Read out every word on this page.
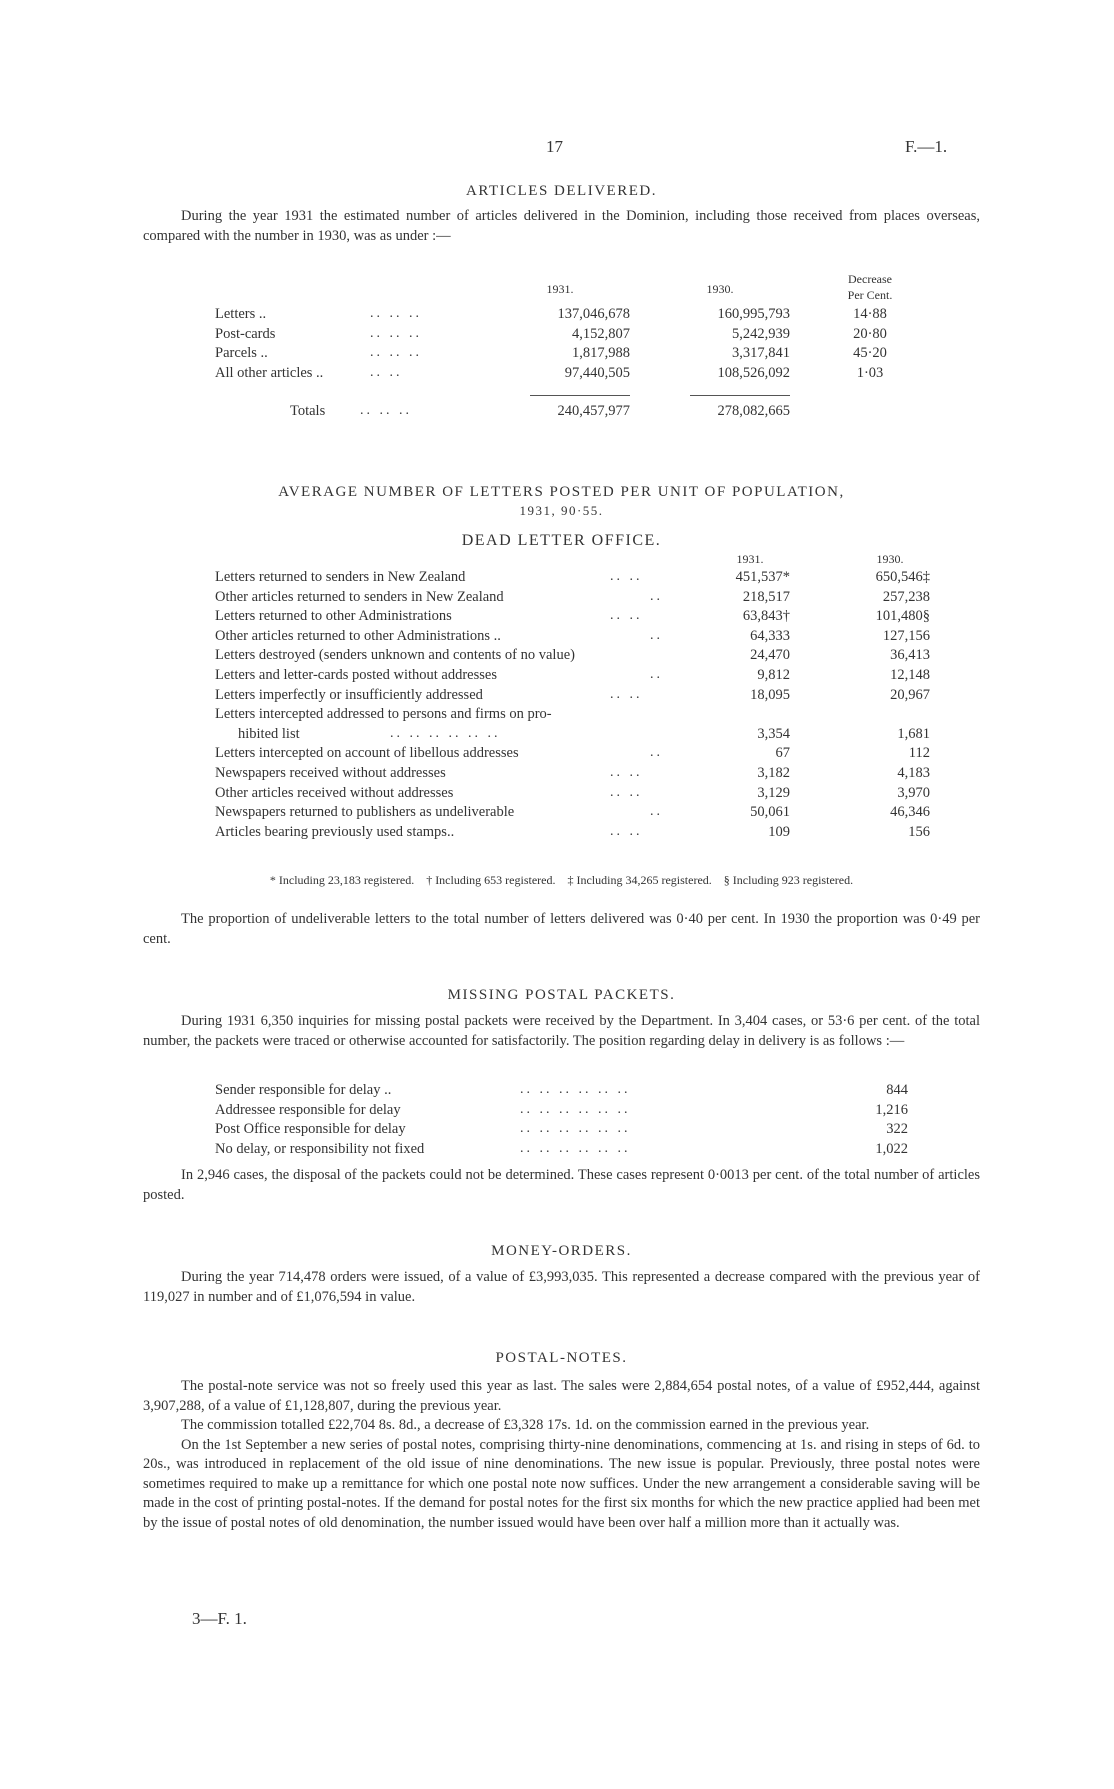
17	F.—1.
ARTICLES DELIVERED.

During the year 1931 the estimated number of articles delivered in the Dominion, including those received from places overseas, compared with the number in 1930, was as under :—

1931.	1930.
Decrease
Per Cent.
Letters ..	.. .. ..	137,046,678	160,995,793	14·88
Post-cards	.. .. ..	4,152,807	5,242,939	20·80
Parcels ..	.. .. ..	1,817,988	3,317,841	45·20
All other articles ..	.. ..	97,440,505	108,526,092	1·03
Totals .. .. ..	240,457,977	278,082,665
AVERAGE NUMBER OF LETTERS POSTED PER UNIT OF POPULATION,
1931, 90·55.
DEAD LETTER OFFICE.
1931.	1930.
Letters returned to senders in New Zealand	.. ..	451,537*	650,546‡
Other articles returned to senders in New Zealand	..	218,517	257,238
Letters returned to other Administrations	.. ..	63,843†	101,480§
Other articles returned to other Administrations ..	..	64,333	127,156
Letters destroyed (senders unknown and contents of no value)	24,470	36,413
Letters and letter-cards posted without addresses	..	9,812	12,148
Letters imperfectly or insufficiently addressed	.. ..	18,095	20,967
Letters intercepted addressed to persons and firms on pro-
hibited list	.. .. .. .. .. ..	3,354	1,681
Letters intercepted on account of libellous addresses	..	67	112
Newspapers received without addresses	.. ..	3,182	4,183
Other articles received without addresses	.. ..	3,129	3,970
Newspapers returned to publishers as undeliverable	..	50,061	46,346
Articles bearing previously used stamps..	.. ..	109	156
* Including 23,183 registered.    † Including 653 registered.    ‡ Including 34,265 registered.    § Including 923 registered.

The proportion of undeliverable letters to the total number of letters delivered was 0·40 per cent. In 1930 the proportion was 0·49 per cent.

MISSING POSTAL PACKETS.

During 1931 6,350 inquiries for missing postal packets were received by the Department. In 3,404 cases, or 53·6 per cent. of the total number, the packets were traced or otherwise accounted for satisfactorily. The position regarding delay in delivery is as follows :—

Sender responsible for delay ..	.. .. .. .. .. ..	844
Addressee responsible for delay	.. .. .. .. .. ..	1,216
Post Office responsible for delay	.. .. .. .. .. ..	322
No delay, or responsibility not fixed	.. .. .. .. .. ..	1,022

In 2,946 cases, the disposal of the packets could not be determined. These cases represent 0·0013 per cent. of the total number of articles posted.

MONEY-ORDERS.

During the year 714,478 orders were issued, of a value of £3,993,035. This represented a decrease compared with the previous year of 119,027 in number and of £1,076,594 in value.

POSTAL-NOTES.

The postal-note service was not so freely used this year as last. The sales were 2,884,654 postal notes, of a value of £952,444, against 3,907,288, of a value of £1,128,807, during the previous year.

The commission totalled £22,704 8s. 8d., a decrease of £3,328 17s. 1d. on the commission earned in the previous year.

On the 1st September a new series of postal notes, comprising thirty-nine denominations, commencing at 1s. and rising in steps of 6d. to 20s., was introduced in replacement of the old issue of nine denominations. The new issue is popular. Previously, three postal notes were sometimes required to make up a remittance for which one postal note now suffices. Under the new arrangement a considerable saving will be made in the cost of printing postal-notes. If the demand for postal notes for the first six months for which the new practice applied had been met by the issue of postal notes of old denomination, the number issued would have been over half a million more than it actually was.

3—F. 1.
